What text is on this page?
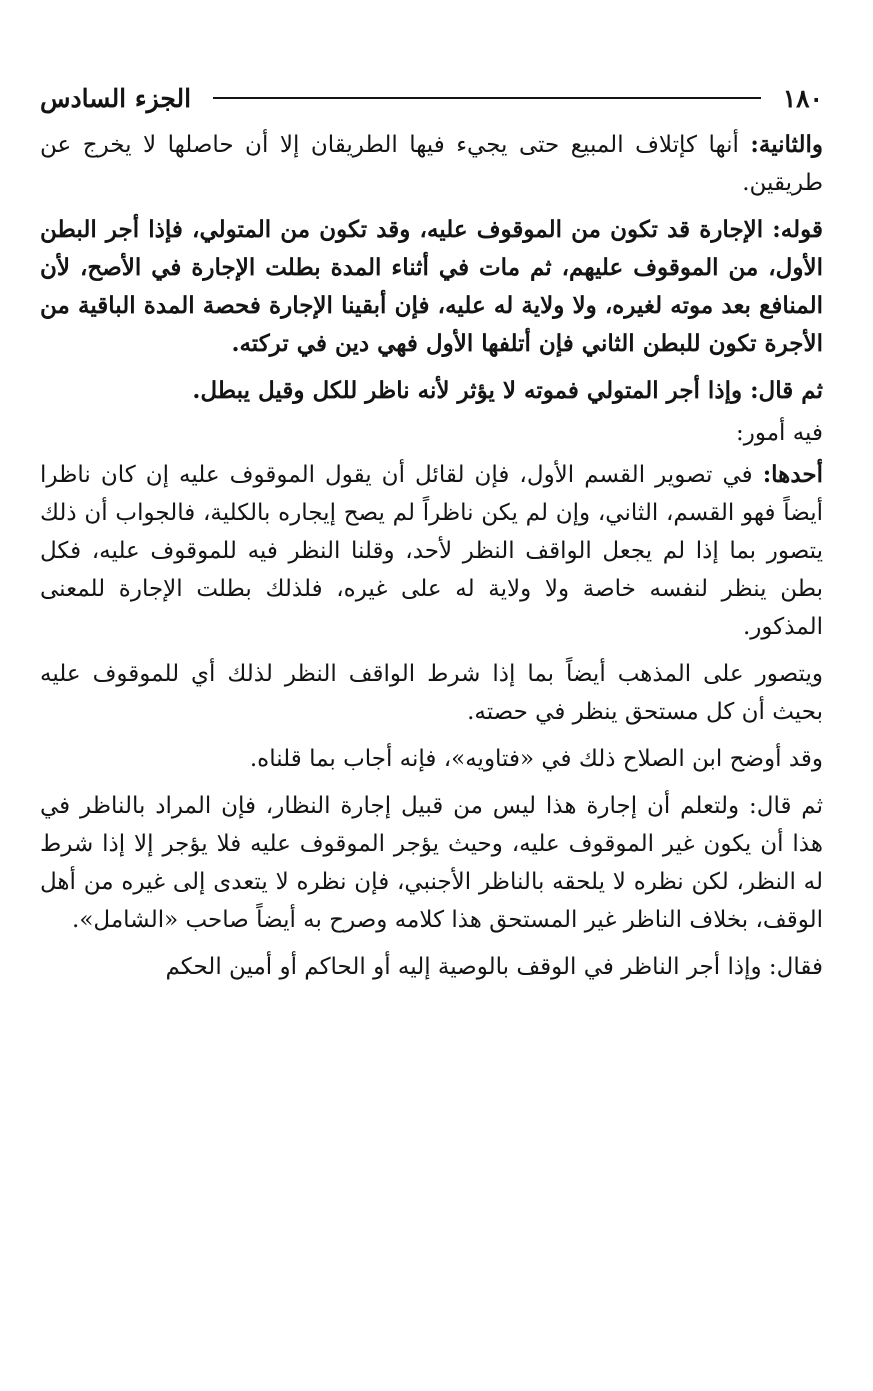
١٨٠
الجزء السادس

والثانية: أنها كإتلاف المبيع حتى يجيء فيها الطريقان إلا أن حاصلها لا يخرج عن طريقين.

قوله: الإجارة قد تكون من الموقوف عليه، وقد تكون من المتولي، فإذا أجر البطن الأول، من الموقوف عليهم، ثم مات في أثناء المدة بطلت الإجارة في الأصح، لأن المنافع بعد موته لغيره، ولا ولاية له عليه، فإن أبقينا الإجارة فحصة المدة الباقية من الأجرة تكون للبطن الثاني فإن أتلفها الأول فهي دين في تركته.

ثم قال: وإذا أجر المتولي فموته لا يؤثر لأنه ناظر للكل وقيل يبطل.

فيه أمور:

أحدها: في تصوير القسم الأول، فإن لقائل أن يقول الموقوف عليه إن كان ناظرا أيضاً فهو القسم، الثاني، وإن لم يكن ناظراً لم يصح إيجاره بالكلية، فالجواب أن ذلك يتصور بما إذا لم يجعل الواقف النظر لأحد، وقلنا النظر فيه للموقوف عليه، فكل بطن ينظر لنفسه خاصة ولا ولاية له على غيره، فلذلك بطلت الإجارة للمعنى المذكور.

ويتصور على المذهب أيضاً بما إذا شرط الواقف النظر لذلك أي للموقوف عليه بحيث أن كل مستحق ينظر في حصته.

وقد أوضح ابن الصلاح ذلك في «فتاويه»، فإنه أجاب بما قلناه.

ثم قال: ولتعلم أن إجارة هذا ليس من قبيل إجارة النظار، فإن المراد بالناظر في هذا أن يكون غير الموقوف عليه، وحيث يؤجر الموقوف عليه فلا يؤجر إلا إذا شرط له النظر، لكن نظره لا يلحقه بالناظر الأجنبي، فإن نظره لا يتعدى إلى غيره من أهل الوقف، بخلاف الناظر غير المستحق هذا كلامه وصرح به أيضاً صاحب «الشامل».

فقال: وإذا أجر الناظر في الوقف بالوصية إليه أو الحاكم أو أمين الحكم
